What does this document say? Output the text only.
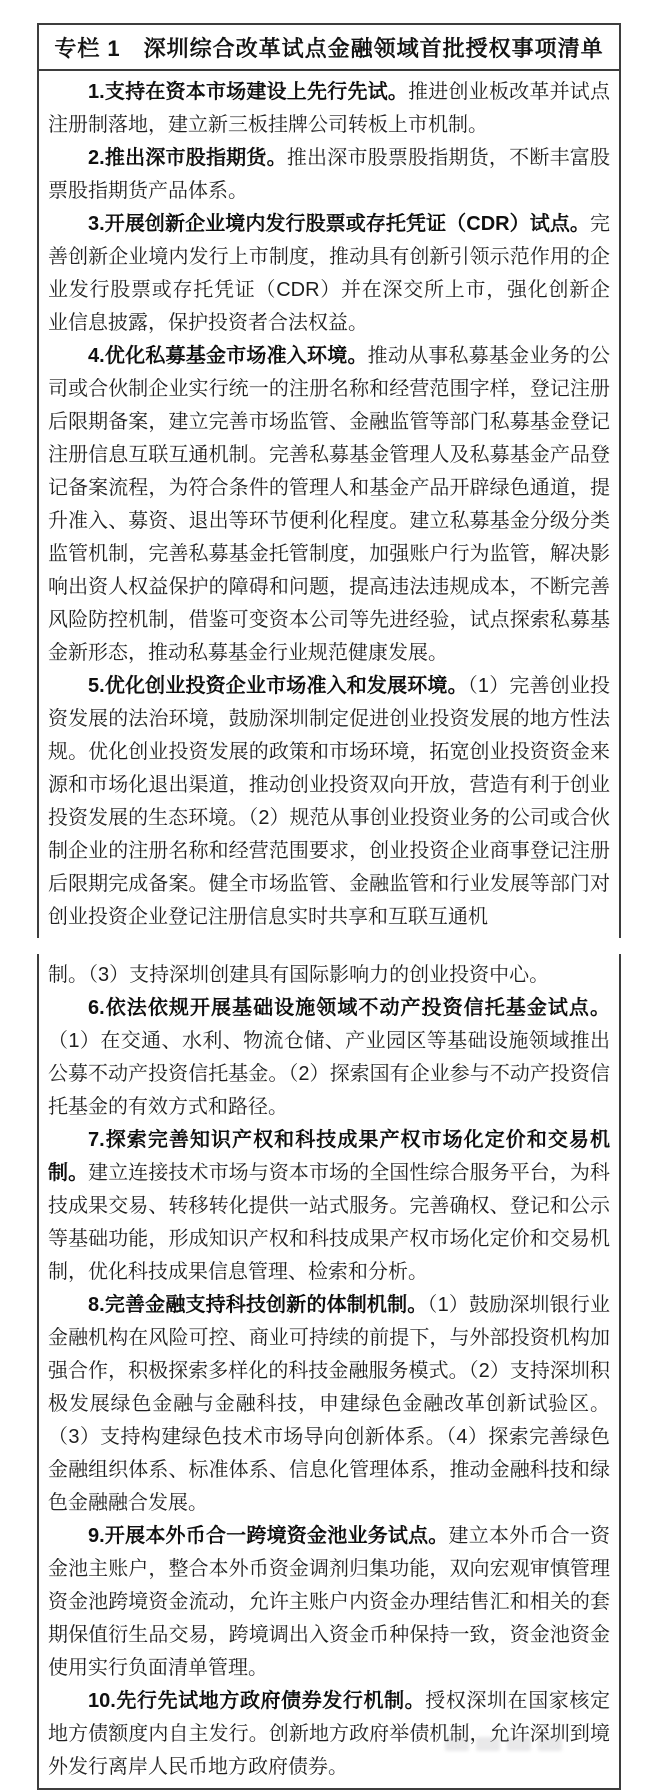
专栏 1　深圳综合改革试点金融领域首批授权事项清单

1.支持在资本市场建设上先行先试。推进创业板改革并试点注册制落地，建立新三板挂牌公司转板上市机制。

2.推出深市股指期货。推出深市股票股指期货，不断丰富股票股指期货产品体系。

3.开展创新企业境内发行股票或存托凭证（CDR）试点。完善创新企业境内发行上市制度，推动具有创新引领示范作用的企业发行股票或存托凭证（CDR）并在深交所上市，强化创新企业信息披露，保护投资者合法权益。

4.优化私募基金市场准入环境。推动从事私募基金业务的公司或合伙制企业实行统一的注册名称和经营范围字样，登记注册后限期备案，建立完善市场监管、金融监管等部门私募基金登记注册信息互联互通机制。完善私募基金管理人及私募基金产品登记备案流程，为符合条件的管理人和基金产品开辟绿色通道，提升准入、募资、退出等环节便利化程度。建立私募基金分级分类监管机制，完善私募基金托管制度，加强账户行为监管，解决影响出资人权益保护的障碍和问题，提高违法违规成本，不断完善风险防控机制，借鉴可变资本公司等先进经验，试点探索私募基金新形态，推动私募基金行业规范健康发展。

5.优化创业投资企业市场准入和发展环境。（1）完善创业投资发展的法治环境，鼓励深圳制定促进创业投资发展的地方性法规。优化创业投资发展的政策和市场环境，拓宽创业投资资金来源和市场化退出渠道，推动创业投资双向开放，营造有利于创业投资发展的生态环境。（2）规范从事创业投资业务的公司或合伙制企业的注册名称和经营范围要求，创业投资企业商事登记注册后限期完成备案。健全市场监管、金融监管和行业发展等部门对创业投资企业登记注册信息实时共享和互联互通机

制。（3）支持深圳创建具有国际影响力的创业投资中心。

6.依法依规开展基础设施领域不动产投资信托基金试点。（1）在交通、水利、物流仓储、产业园区等基础设施领域推出公募不动产投资信托基金。（2）探索国有企业参与不动产投资信托基金的有效方式和路径。

7.探索完善知识产权和科技成果产权市场化定价和交易机制。建立连接技术市场与资本市场的全国性综合服务平台，为科技成果交易、转移转化提供一站式服务。完善确权、登记和公示等基础功能，形成知识产权和科技成果产权市场化定价和交易机制，优化科技成果信息管理、检索和分析。

8.完善金融支持科技创新的体制机制。（1）鼓励深圳银行业金融机构在风险可控、商业可持续的前提下，与外部投资机构加强合作，积极探索多样化的科技金融服务模式。（2）支持深圳积极发展绿色金融与金融科技，申建绿色金融改革创新试验区。（3）支持构建绿色技术市场导向创新体系。（4）探索完善绿色金融组织体系、标准体系、信息化管理体系，推动金融科技和绿色金融融合发展。

9.开展本外币合一跨境资金池业务试点。建立本外币合一资金池主账户，整合本外币资金调剂归集功能，双向宏观审慎管理资金池跨境资金流动，允许主账户内资金办理结售汇和相关的套期保值衍生品交易，跨境调出入资金币种保持一致，资金池资金使用实行负面清单管理。

10.先行先试地方政府债券发行机制。授权深圳在国家核定地方债额度内自主发行。创新地方政府举债机制，允许深圳到境外发行离岸人民币地方政府债券。
